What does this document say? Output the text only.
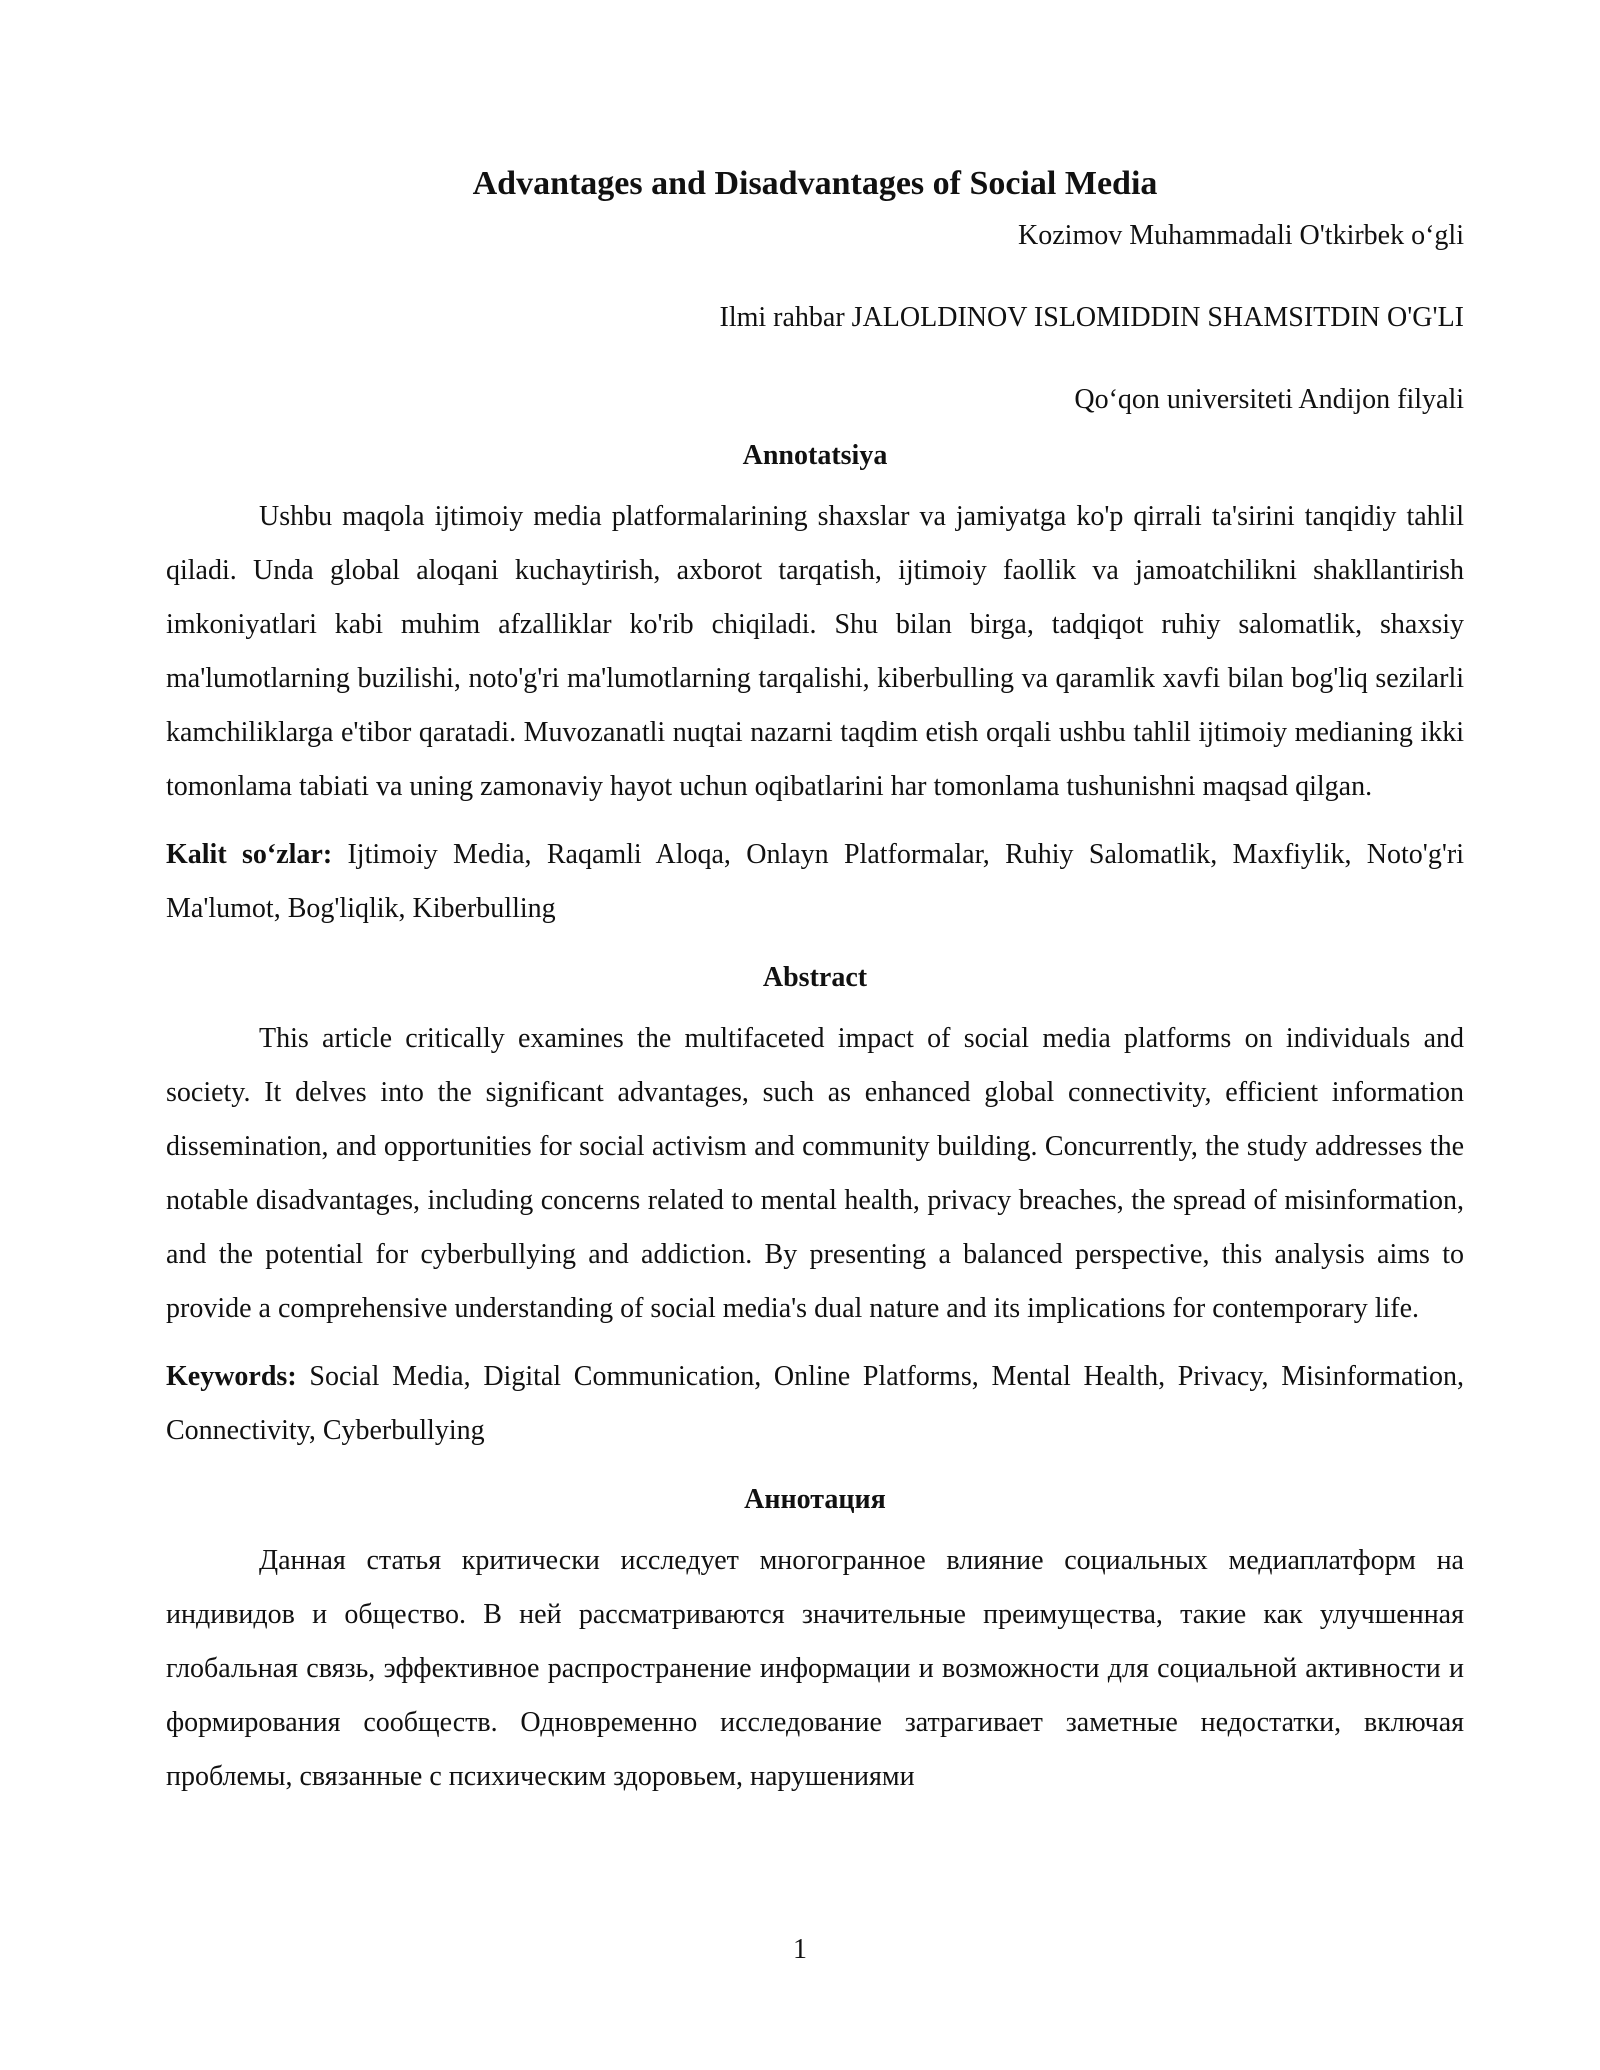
Advantages and Disadvantages of Social Media

Kozimov Muhammadali O'tkirbek o‘gli

Ilmi rahbar JALOLDINOV ISLOMIDDIN SHAMSITDIN O'G'LI

Qo‘qon universiteti Andijon filyali

Annotatsiya

Ushbu maqola ijtimoiy media platformalarining shaxslar va jamiyatga ko'p qirrali ta'sirini tanqidiy tahlil qiladi. Unda global aloqani kuchaytirish, axborot tarqatish, ijtimoiy faollik va jamoatchilikni shakllantirish imkoniyatlari kabi muhim afzalliklar ko'rib chiqiladi. Shu bilan birga, tadqiqot ruhiy salomatlik, shaxsiy ma'lumotlarning buzilishi, noto'g'ri ma'lumotlarning tarqalishi, kiberbulling va qaramlik xavfi bilan bog'liq sezilarli kamchiliklarga e'tibor qaratadi. Muvozanatli nuqtai nazarni taqdim etish orqali ushbu tahlil ijtimoiy medianing ikki tomonlama tabiati va uning zamonaviy hayot uchun oqibatlarini har tomonlama tushunishni maqsad qilgan.

Kalit so‘zlar: Ijtimoiy Media, Raqamli Aloqa, Onlayn Platformalar, Ruhiy Salomatlik, Maxfiylik, Noto'g'ri Ma'lumot, Bog'liqlik, Kiberbulling

Abstract

This article critically examines the multifaceted impact of social media platforms on individuals and society. It delves into the significant advantages, such as enhanced global connectivity, efficient information dissemination, and opportunities for social activism and community building. Concurrently, the study addresses the notable disadvantages, including concerns related to mental health, privacy breaches, the spread of misinformation, and the potential for cyberbullying and addiction. By presenting a balanced perspective, this analysis aims to provide a comprehensive understanding of social media's dual nature and its implications for contemporary life.

Keywords: Social Media, Digital Communication, Online Platforms, Mental Health, Privacy, Misinformation, Connectivity, Cyberbullying

Аннотация

Данная статья критически исследует многогранное влияние социальных медиаплатформ на индивидов и общество. В ней рассматриваются значительные преимущества, такие как улучшенная глобальная связь, эффективное распространение информации и возможности для социальной активности и формирования сообществ. Одновременно исследование затрагивает заметные недостатки, включая проблемы, связанные с психическим здоровьем, нарушениями

1
